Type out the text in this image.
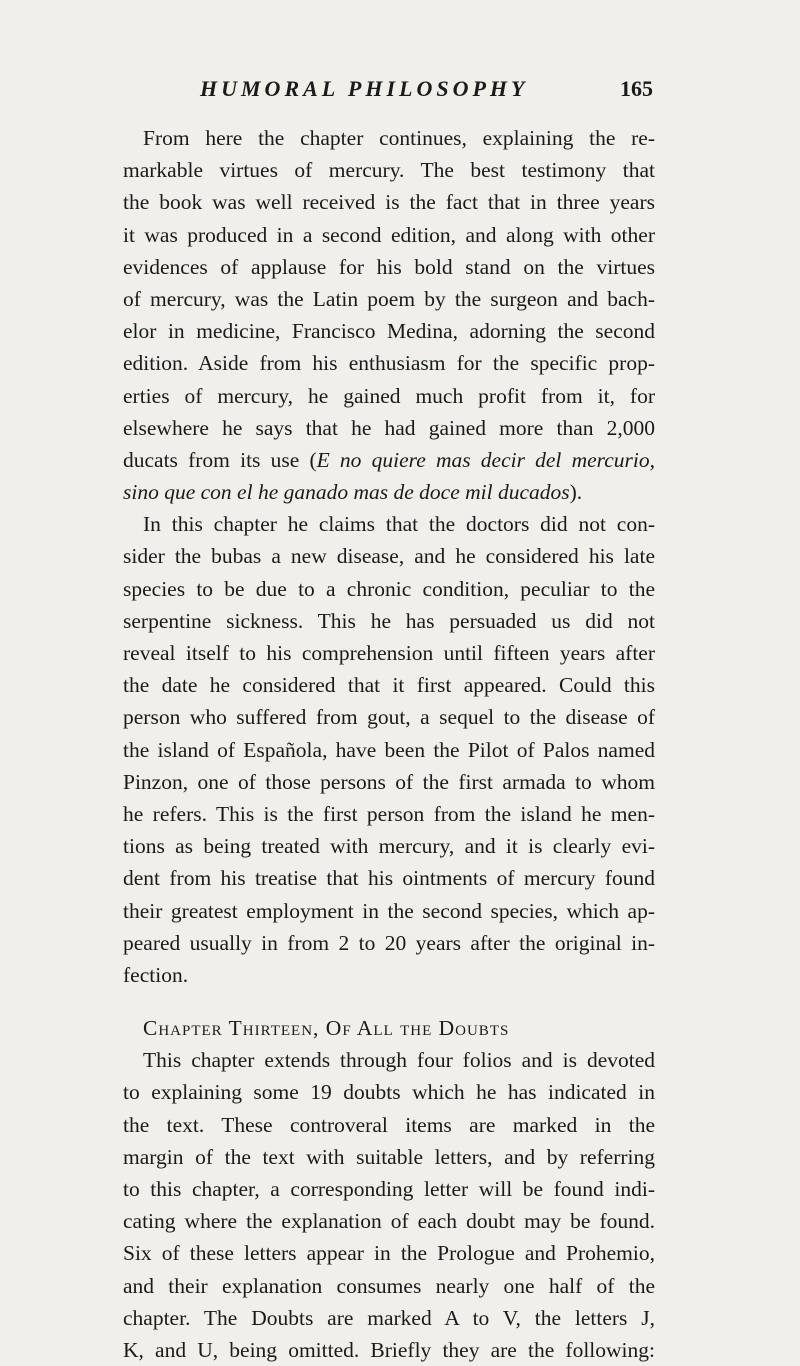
HUMORAL PHILOSOPHY	165
From here the chapter continues, explaining the re-
markable virtues of mercury. The best testimony that
the book was well received is the fact that in three years
it was produced in a second edition, and along with other
evidences of applause for his bold stand on the virtues
of mercury, was the Latin poem by the surgeon and bach-
elor in medicine, Francisco Medina, adorning the second
edition. Aside from his enthusiasm for the specific prop-
erties of mercury, he gained much profit from it, for
elsewhere he says that he had gained more than 2,000
ducats from its use (E no quiere mas decir del mercurio,
sino que con el he ganado mas de doce mil ducados).
In this chapter he claims that the doctors did not con-
sider the bubas a new disease, and he considered his late
species to be due to a chronic condition, peculiar to the
serpentine sickness. This he has persuaded us did not
reveal itself to his comprehension until fifteen years after
the date he considered that it first appeared. Could this
person who suffered from gout, a sequel to the disease of
the island of Española, have been the Pilot of Palos named
Pinzon, one of those persons of the first armada to whom
he refers. This is the first person from the island he men-
tions as being treated with mercury, and it is clearly evi-
dent from his treatise that his ointments of mercury found
their greatest employment in the second species, which ap-
peared usually in from 2 to 20 years after the original in-
fection.
Chapter Thirteen, Of All the Doubts
This chapter extends through four folios and is devoted
to explaining some 19 doubts which he has indicated in
the text. These controveral items are marked in the
margin of the text with suitable letters, and by referring
to this chapter, a corresponding letter will be found indi-
cating where the explanation of each doubt may be found.
Six of these letters appear in the Prologue and Prohemio,
and their explanation consumes nearly one half of the
chapter. The Doubts are marked A to V, the letters J,
K, and U, being omitted. Briefly they are the following:
